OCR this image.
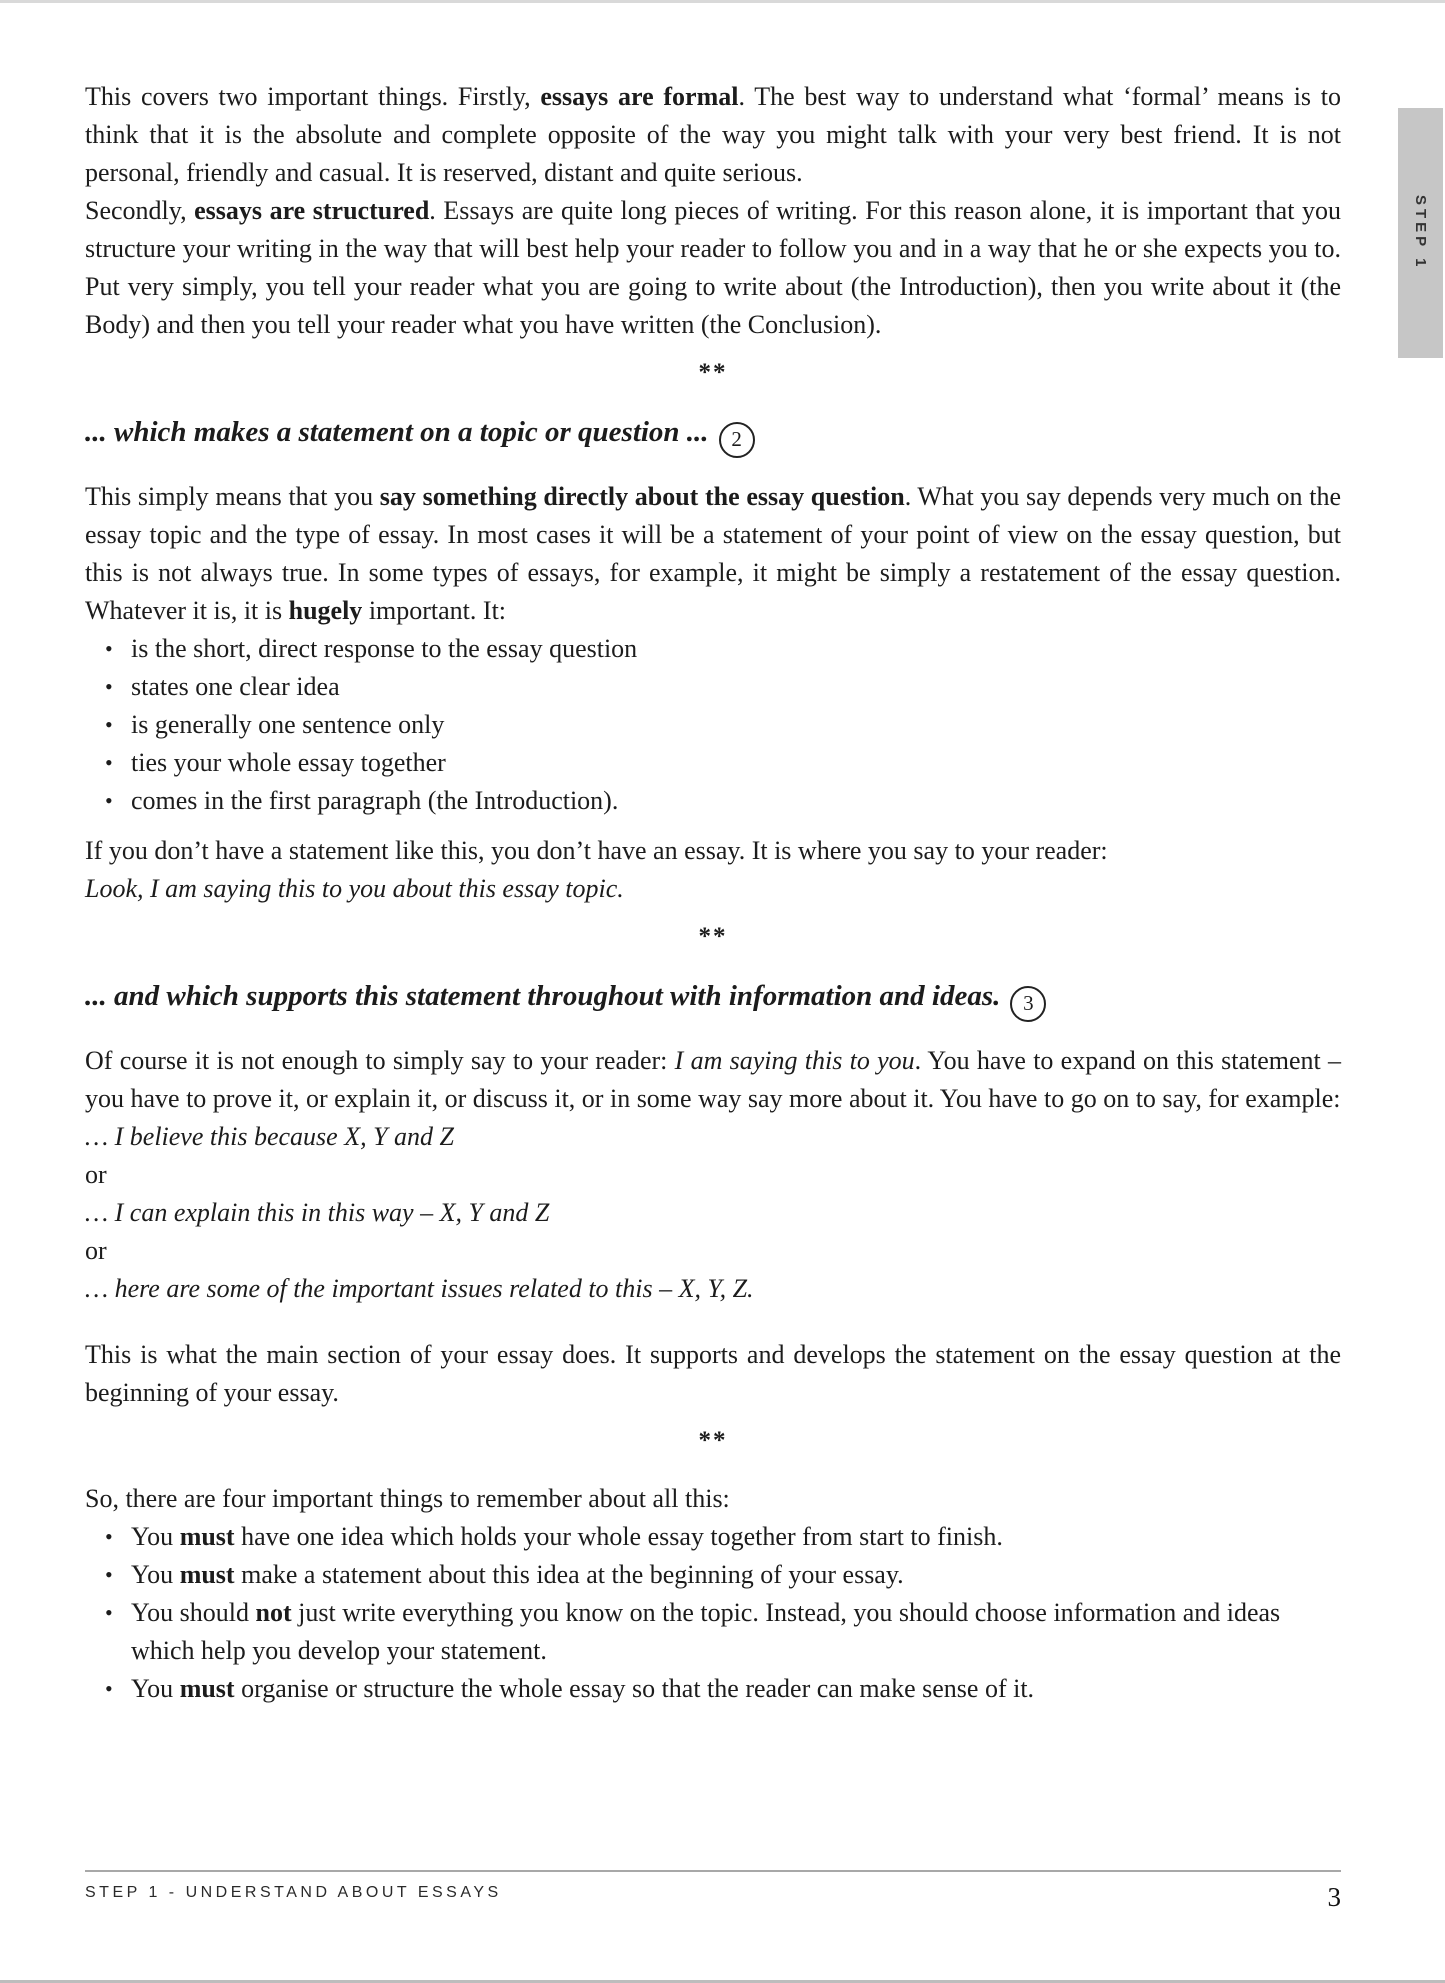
This covers two important things. Firstly, essays are formal. The best way to understand what ‘formal’ means is to think that it is the absolute and complete opposite of the way you might talk with your very best friend. It is not personal, friendly and casual. It is reserved, distant and quite serious.

Secondly, essays are structured. Essays are quite long pieces of writing. For this reason alone, it is important that you structure your writing in the way that will best help your reader to follow you and in a way that he or she expects you to. Put very simply, you tell your reader what you are going to write about (the Introduction), then you write about it (the Body) and then you tell your reader what you have written (the Conclusion).

**
... which makes a statement on a topic or question ... 2

This simply means that you say something directly about the essay question. What you say depends very much on the essay topic and the type of essay. In most cases it will be a statement of your point of view on the essay question, but this is not always true. In some types of essays, for example, it might be simply a restatement of the essay question. Whatever it is, it is hugely important. It:

• is the short, direct response to the essay question
• states one clear idea
• is generally one sentence only
• ties your whole essay together
• comes in the first paragraph (the Introduction).

If you don’t have a statement like this, you don’t have an essay. It is where you say to your reader:

Look, I am saying this to you about this essay topic.

**
... and which supports this statement throughout with information and ideas. 3

Of course it is not enough to simply say to your reader: I am saying this to you. You have to expand on this statement – you have to prove it, or explain it, or discuss it, or in some way say more about it. You have to go on to say, for example:

… I believe this because X, Y and Z

or

… I can explain this in this way – X, Y and Z

or

… here are some of the important issues related to this – X, Y, Z.

This is what the main section of your essay does. It supports and develops the statement on the essay question at the beginning of your essay.

**

So, there are four important things to remember about all this:

• You must have one idea which holds your whole essay together from start to finish.
• You must make a statement about this idea at the beginning of your essay.
• You should not just write everything you know on the topic. Instead, you should choose information and ideas which help you develop your statement.
• You must organise or structure the whole essay so that the reader can make sense of it.
STEP 1
STEP 1 - UNDERSTAND ABOUT ESSAYS	3
